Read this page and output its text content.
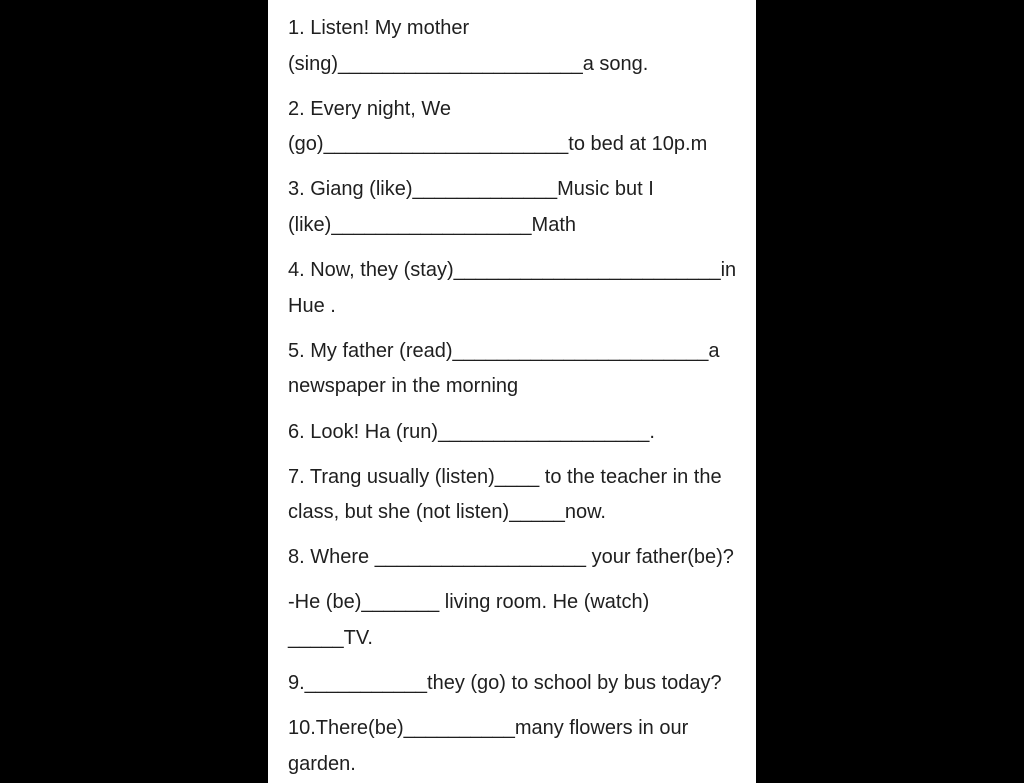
1. Listen! My mother
(sing)______________________a song.
2. Every night, We
(go)______________________to bed at 10p.m
3. Giang (like)_____________Music but I
(like)__________________Math
4. Now, they (stay)________________________in
Hue .
5. My father (read)_______________________a
newspaper in the morning
6. Look! Ha (run)___________________.
7. Trang usually (listen)____ to the teacher in the
class, but she (not listen)_____now.
8. Where ___________________ your father(be)?
-He (be)_______ living room. He (watch)
_____TV.
9.___________they (go) to school by bus today?
10.There(be)__________many flowers in our
garden.
